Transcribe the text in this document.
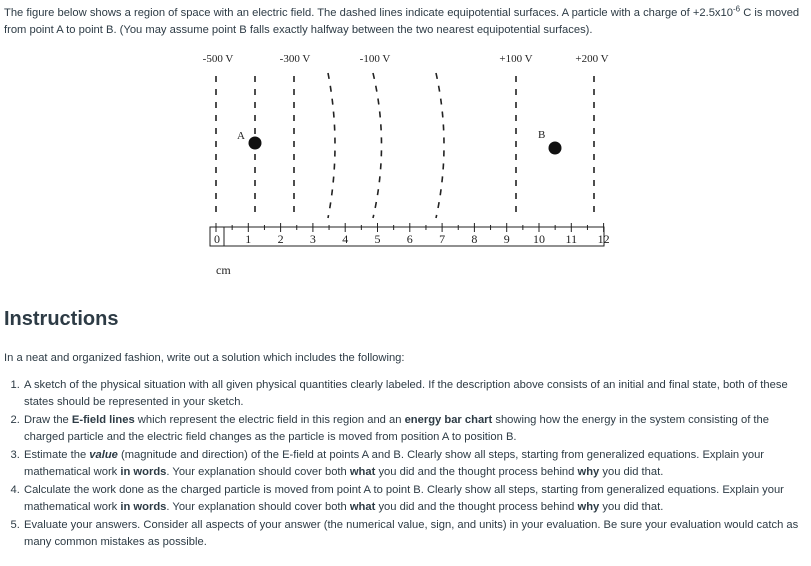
The figure below shows a region of space with an electric field. The dashed lines indicate equipotential surfaces. A particle with a charge of $+2.5x10^{-6}$ C is moved from point A to point B. (You may assume point B falls exactly halfway between the two nearest equipotential surfaces).
-500 V	-300 V	-100 V	+100 V	+200 V
A	B
0 1 2 3 4 5 6 7 8 9 10 11 12
cm
Instructions
In a neat and organized fashion, write out a solution which includes the following:
1. A sketch of the physical situation with all given physical quantities clearly labeled. If the description above consists of an initial and final state, both of these states should be represented in your sketch.
2. Draw the E-field lines which represent the electric field in this region and an energy bar chart showing how the energy in the system consisting of the charged particle and the electric field changes as the particle is moved from position A to position B.
3. Estimate the value (magnitude and direction) of the E-field at points A and B. Clearly show all steps, starting from generalized equations. Explain your mathematical work in words. Your explanation should cover both what you did and the thought process behind why you did that.
4. Calculate the work done as the charged particle is moved from point A to point B. Clearly show all steps, starting from generalized equations. Explain your mathematical work in words. Your explanation should cover both what you did and the thought process behind why you did that.
5. Evaluate your answers. Consider all aspects of your answer (the numerical value, sign, and units) in your evaluation. Be sure your evaluation would catch as many common mistakes as possible.
